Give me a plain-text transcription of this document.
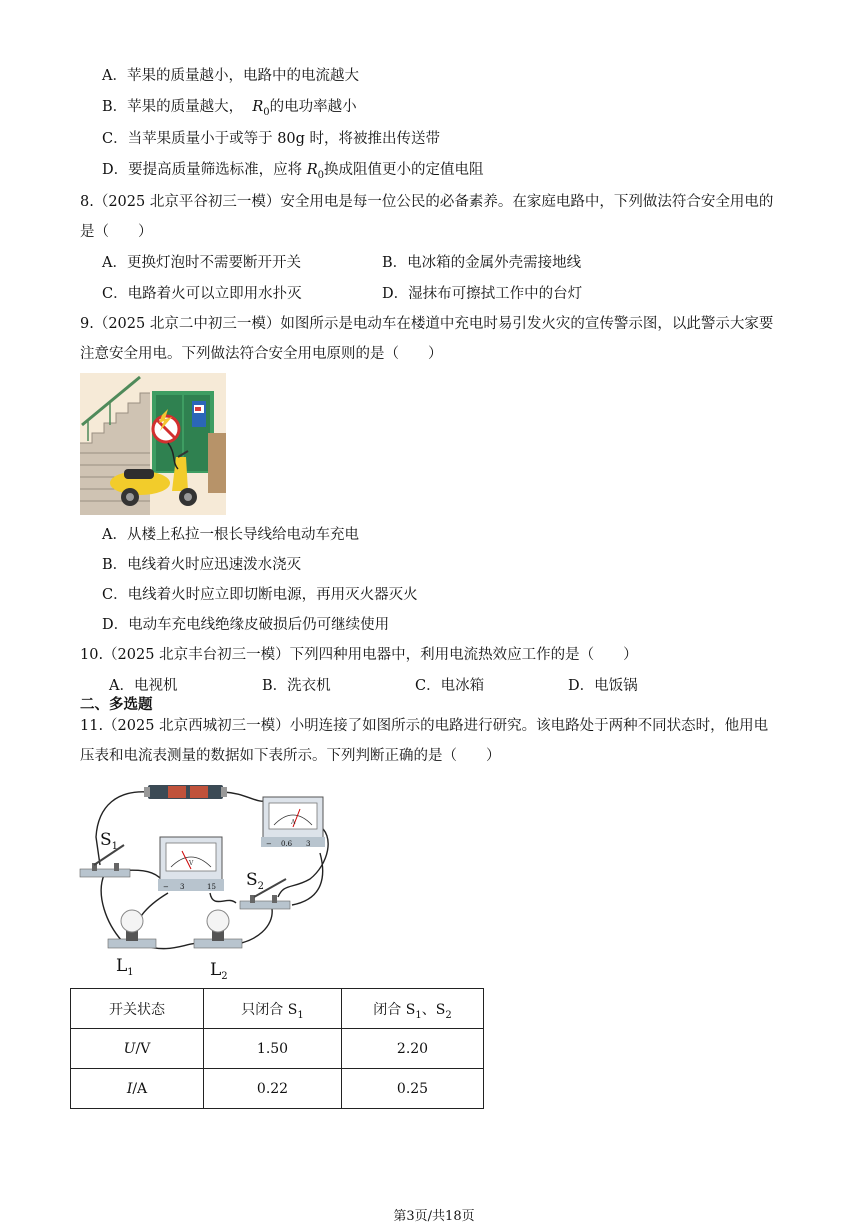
A．苹果的质量越小，电路中的电流越大
B．苹果的质量越大， $R_0$的电功率越小
C．当苹果质量小于或等于 80g 时，将被推出传送带
D．要提高质量筛选标准，应将 $R_0$换成阻值更小的定值电阻
8.（2025 北京平谷初三一模）安全用电是每一位公民的必备素养。在家庭电路中，下列做法符合安全用电的
是（　　）
A．更换灯泡时不需要断开开关	B．电冰箱的金属外壳需接地线
C．电路着火可以立即用水扑灭	D．湿抹布可擦拭工作中的台灯
9.（2025 北京二中初三一模）如图所示是电动车在楼道中充电时易引发火灾的宣传警示图，以此警示大家要
注意安全用电。下列做法符合安全用电原则的是（　　）
A．从楼上私拉一根长导线给电动车充电
B．电线着火时应迅速泼水浇灭
C．电线着火时应立即切断电源，再用灭火器灭火
D．电动车充电线绝缘皮破损后仍可继续使用
10.（2025 北京丰台初三一模）下列四种用电器中，利用电流热效应工作的是（　　）
A．电视机	B．洗衣机	C．电冰箱	D．电饭锅
二、多选题
11.（2025 北京西城初三一模）小明连接了如图所示的电路进行研究。该电路处于两种不同状态时，他用电
压表和电流表测量的数据如下表所示。下列判断正确的是（　　）
A
− 0.6 3
V
− 3	15
$S_1$
$S_2$
$L_1$	$L_2$
开关状态	只闭合 $S_1$	闭合 $S_1$、$S_2$
U/V	1.50	2.20
I/A	0.22	0.25
第3页/共18页
